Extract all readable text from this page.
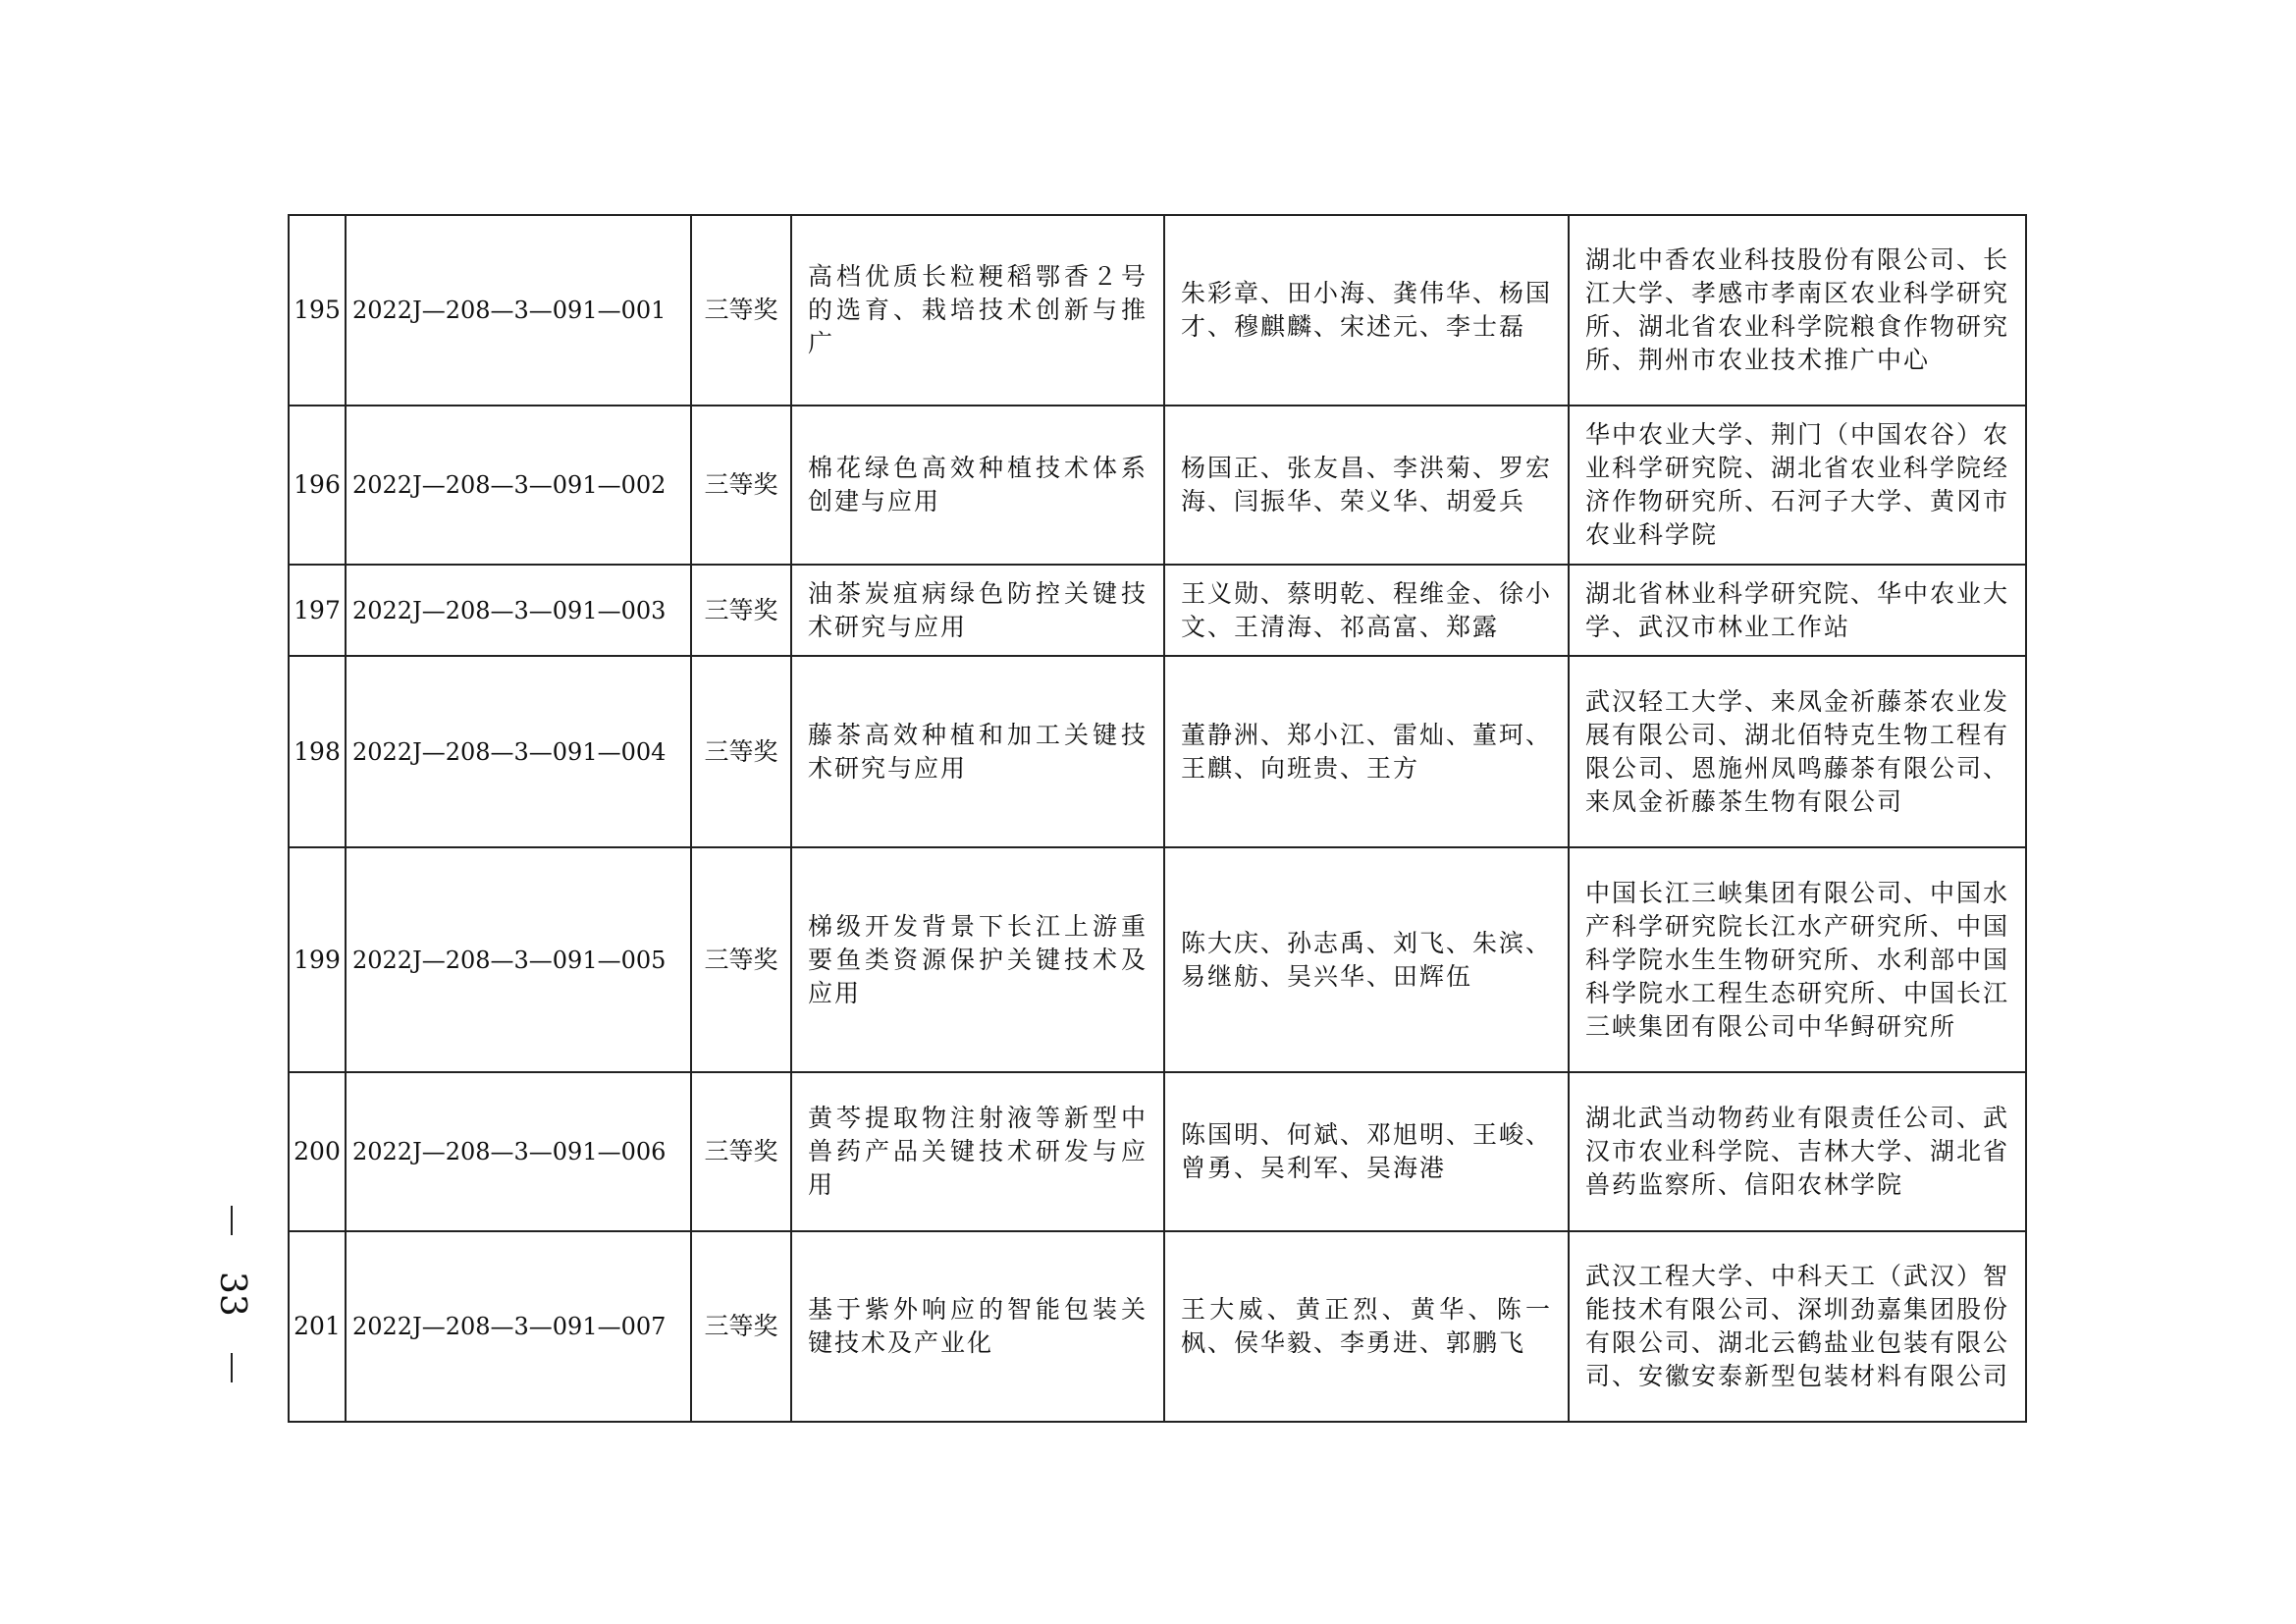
195	2022J—208—3—091—001	三等奖	高档优质长粒粳稻鄂香２号的选育、栽培技术创新与推广	朱彩章、田小海、龚伟华、杨国才、穆麒麟、宋述元、李士磊	湖北中香农业科技股份有限公司、长江大学、孝感市孝南区农业科学研究所、湖北省农业科学院粮食作物研究所、荆州市农业技术推广中心
196	2022J—208—3—091—002	三等奖	棉花绿色高效种植技术体系创建与应用	杨国正、张友昌、李洪菊、罗宏海、闫振华、荣义华、胡爱兵	华中农业大学、荆门（中国农谷）农业科学研究院、湖北省农业科学院经济作物研究所、石河子大学、黄冈市农业科学院
197	2022J—208—3—091—003	三等奖	油茶炭疽病绿色防控关键技术研究与应用	王义勋、蔡明乾、程维金、徐小文、王清海、祁高富、郑露	湖北省林业科学研究院、华中农业大学、武汉市林业工作站
198	2022J—208—3—091—004	三等奖	藤茶高效种植和加工关键技术研究与应用	董静洲、郑小江、雷灿、董珂、王麒、向班贵、王方	武汉轻工大学、来凤金祈藤茶农业发展有限公司、湖北佰特克生物工程有限公司、恩施州凤鸣藤茶有限公司、来凤金祈藤茶生物有限公司
199	2022J—208—3—091—005	三等奖	梯级开发背景下长江上游重要鱼类资源保护关键技术及应用	陈大庆、孙志禹、刘飞、朱滨、易继舫、吴兴华、田辉伍	中国长江三峡集团有限公司、中国水产科学研究院长江水产研究所、中国科学院水生生物研究所、水利部中国科学院水工程生态研究所、中国长江三峡集团有限公司中华鲟研究所
200	2022J—208—3—091—006	三等奖	黄芩提取物注射液等新型中兽药产品关键技术研发与应用	陈国明、何斌、邓旭明、王峻、曾勇、吴利军、吴海港	湖北武当动物药业有限责任公司、武汉市农业科学院、吉林大学、湖北省兽药监察所、信阳农林学院
201	2022J—208—3—091—007	三等奖	基于紫外响应的智能包装关键技术及产业化	王大威、黄正烈、黄华、陈一枫、侯华毅、李勇进、郭鹏飞	武汉工程大学、中科天工（武汉）智能技术有限公司、深圳劲嘉集团股份有限公司、湖北云鹤盐业包装有限公司、安徽安泰新型包装材料有限公司
33
